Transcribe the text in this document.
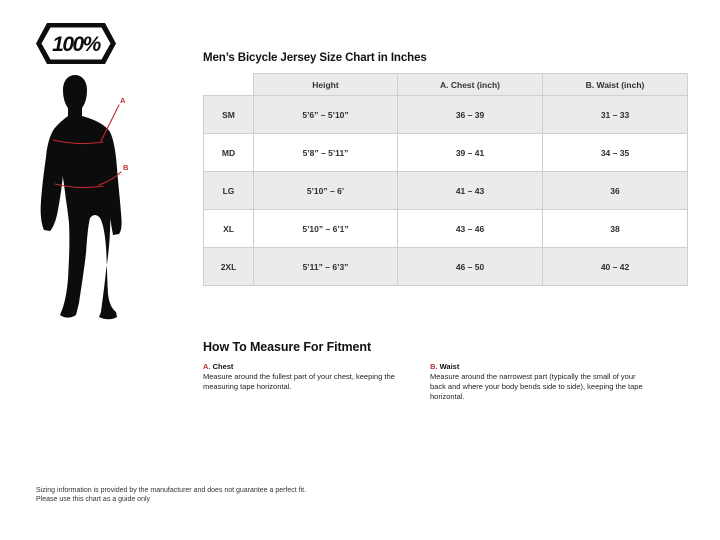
100%
A
B
Men’s Bicycle Jersey Size Chart in Inches
	Height	A. Chest (inch)	B. Waist (inch)
SM	5’6” – 5’10”	36 – 39	31 – 33
MD	5’8” – 5’11”	39 – 41	34 – 35
LG	5’10” – 6’	41 – 43	36
XL	5’10” – 6’1”	43 – 46	38
2XL	5’11” – 6’3”	46 – 50	40 – 42
How To Measure For Fitment

A. Chest

Measure around the fullest part of your chest, keeping the measuring tape horizontal.

B. Waist

Measure around the narrowest part (typically the small of your back and where your body bends side to side), keeping the tape horizontal.

Sizing information is provided by the manufacturer and does not guarantee a perfect fit.

Please use this chart as a guide only
